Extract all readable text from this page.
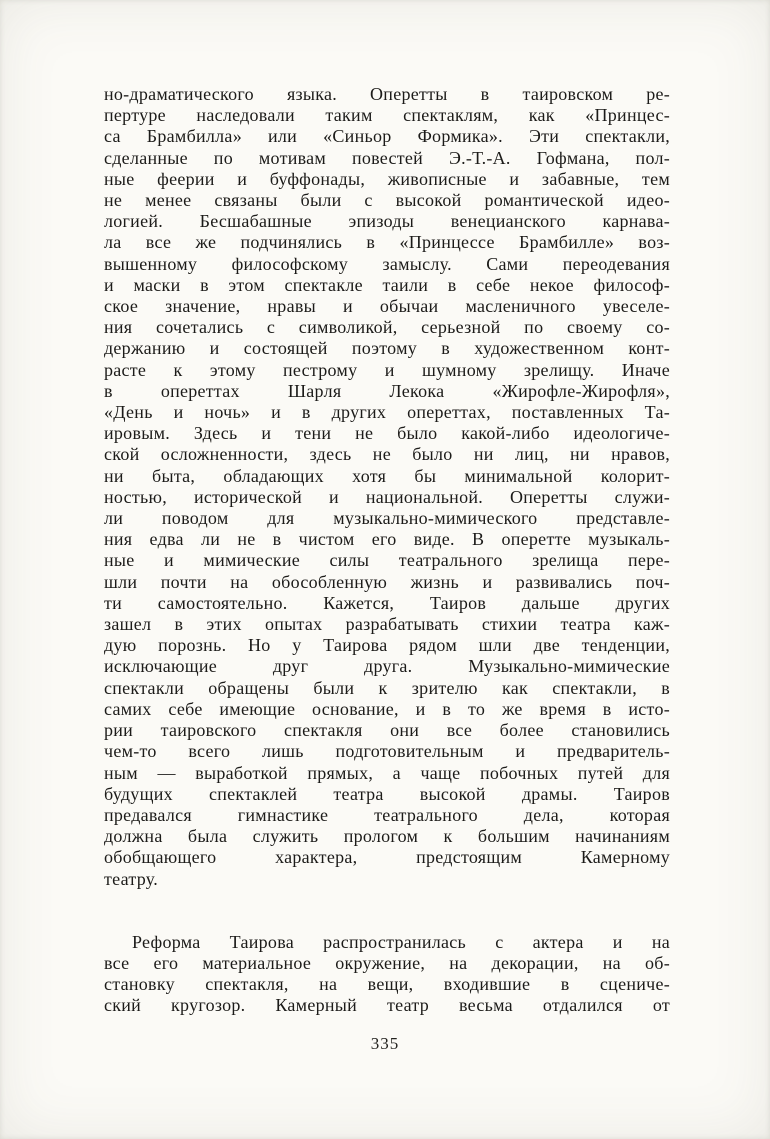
но-драматического языка. Оперетты в таировском ре-
пертуре наследовали таким спектаклям, как «Принцес-
са Брамбилла» или «Синьор Формика». Эти спектакли,
сделанные по мотивам повестей Э.-Т.-А. Гофмана, пол-
ные феерии и буффонады, живописные и забавные, тем
не менее связаны были с высокой романтической идео-
логией. Бесшабашные эпизоды венецианского карнава-
ла все же подчинялись в «Принцессе Брамбилле» воз-
вышенному философскому замыслу. Сами переодевания
и маски в этом спектакле таили в себе некое философ-
ское значение, нравы и обычаи масленичного увеселе-
ния сочетались с символикой, серьезной по своему со-
держанию и состоящей поэтому в художественном конт-
расте к этому пестрому и шумному зрелищу. Иначе
в опереттах Шарля Лекока «Жирофле-Жирофля»,
«День и ночь» и в других опереттах, поставленных Та-
ировым. Здесь и тени не было какой-либо идеологиче-
ской осложненности, здесь не было ни лиц, ни нравов,
ни быта, обладающих хотя бы минимальной колорит-
ностью, исторической и национальной. Оперетты служи-
ли поводом для музыкально-мимического представле-
ния едва ли не в чистом его виде. В оперетте музыкаль-
ные и мимические силы театрального зрелища пере-
шли почти на обособленную жизнь и развивались поч-
ти самостоятельно. Кажется, Таиров дальше других
зашел в этих опытах разрабатывать стихии театра каж-
дую порознь. Но у Таирова рядом шли две тенденции,
исключающие друг друга. Музыкально-мимические
спектакли обращены были к зрителю как спектакли, в
самих себе имеющие основание, и в то же время в исто-
рии таировского спектакля они все более становились
чем-то всего лишь подготовительным и предваритель-
ным — выработкой прямых, а чаще побочных путей для
будущих спектаклей театра высокой драмы. Таиров
предавался гимнастике театрального дела, которая
должна была служить прологом к большим начинаниям
обобщающего характера, предстоящим Камерному
театру.
Реформа Таирова распространилась с актера и на
все его материальное окружение, на декорации, на об-
становку спектакля, на вещи, входившие в сцениче-
ский кругозор. Камерный театр весьма отдалился от
335
